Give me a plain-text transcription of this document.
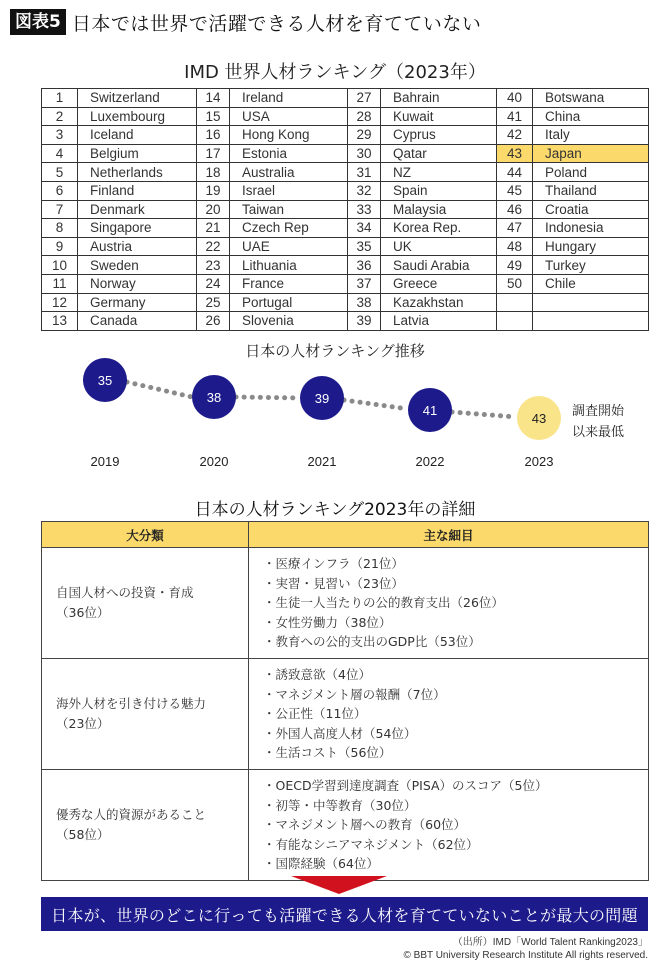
図表5 日本では世界で活躍できる人材を育てていない
IMD 世界人材ランキング（2023年）
1	Switzerland	14	Ireland	27	Bahrain	40	Botswana
2	Luxembourg	15	USA	28	Kuwait	41	China
3	Iceland	16	Hong Kong	29	Cyprus	42	Italy
4	Belgium	17	Estonia	30	Qatar	43	Japan
5	Netherlands	18	Australia	31	NZ	44	Poland
6	Finland	19	Israel	32	Spain	45	Thailand
7	Denmark	20	Taiwan	33	Malaysia	46	Croatia
8	Singapore	21	Czech Rep	34	Korea Rep.	47	Indonesia
9	Austria	22	UAE	35	UK	48	Hungary
10	Sweden	23	Lithuania	36	Saudi Arabia	49	Turkey
11	Norway	24	France	37	Greece	50	Chile
12	Germany	25	Portugal	38	Kazakhstan		
13	Canada	26	Slovenia	39	Latvia		
日本の人材ランキング推移
35
38	39
41
43
2019	2020	2021	2022	2023
調査開始
以来最低
日本の人材ランキング2023年の詳細
大分類	主な細目

自国人材への投資・育成
（36位）

・医療インフラ（21位）
・実習・見習い（23位）
・生徒一人当たりの公的教育支出（26位）
・女性労働力（38位）
・教育への公的支出のGDP比（53位）

海外人材を引き付ける魅力
（23位）

・誘致意欲（4位）
・マネジメント層の報酬（7位）
・公正性（11位）
・外国人高度人材（54位）
・生活コスト（56位）

優秀な人的資源があること
（58位）

・OECD学習到達度調査（PISA）のスコア（5位）
・初等・中等教育（30位）
・マネジメント層への教育（60位）
・有能なシニアマネジメント（62位）
・国際経験（64位）
日本が、世界のどこに行っても活躍できる人材を育てていないことが最大の問題
（出所）IMD「World Talent Ranking2023」
© BBT University Research Institute All rights reserved.
